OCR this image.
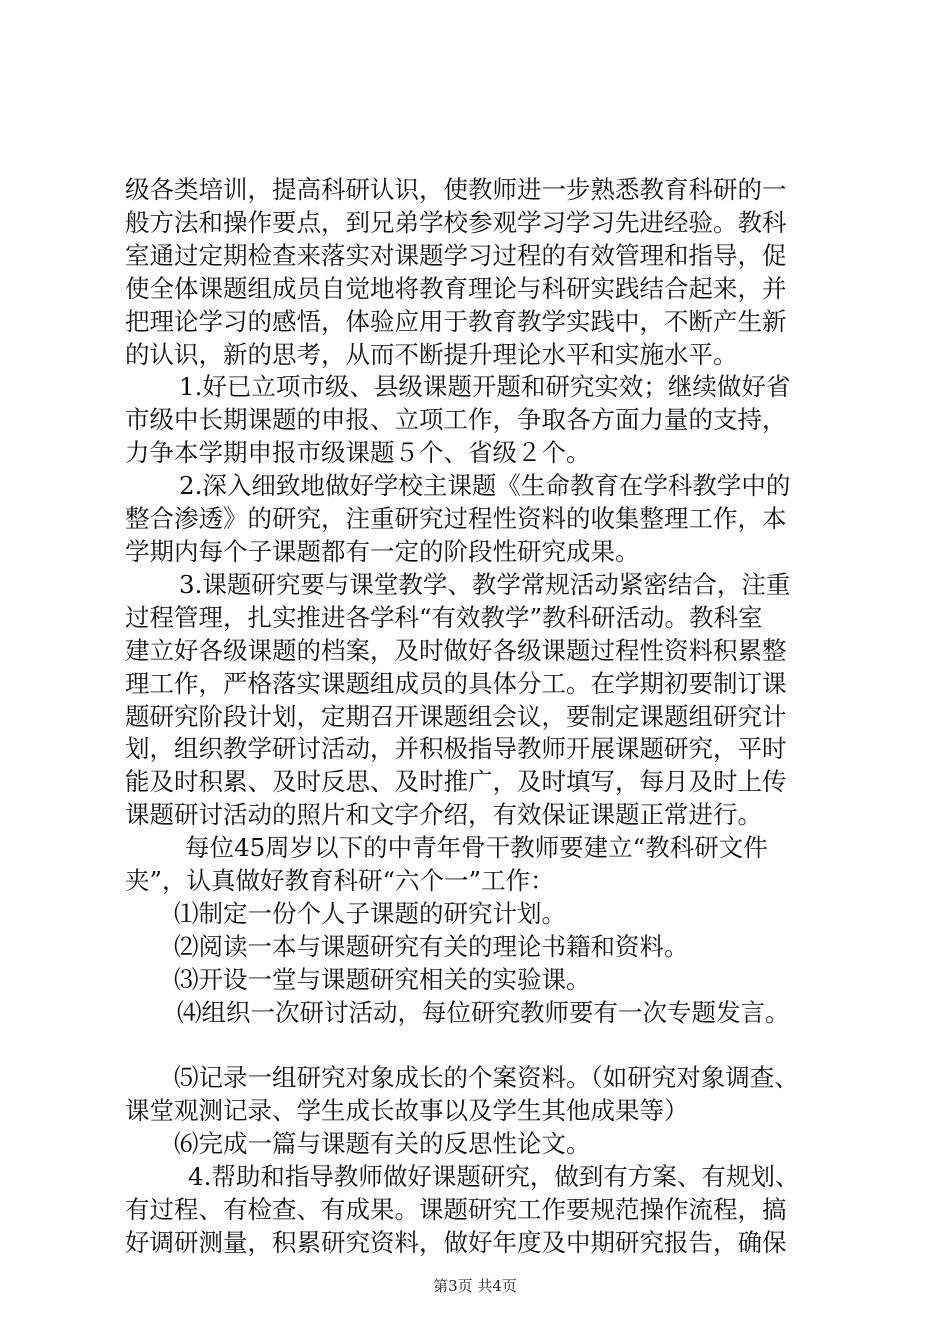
级各类培训，提高科研认识，使教师进一步熟悉教育科研的一
般方法和操作要点，到兄弟学校参观学习学习先进经验。教科
室通过定期检查来落实对课题学习过程的有效管理和指导，促
使全体课题组成员自觉地将教育理论与科研实践结合起来，并
把理论学习的感悟，体验应用于教育教学实践中，不断产生新
的认识，新的思考，从而不断提升理论水平和实施水平。
1.好已立项市级、县级课题开题和研究实效；继续做好省
市级中长期课题的申报、立项工作，争取各方面力量的支持，
力争本学期申报市级课题５个、省级２个。
2.深入细致地做好学校主课题《生命教育在学科教学中的
整合渗透》的研究，注重研究过程性资料的收集整理工作，本
学期内每个子课题都有一定的阶段性研究成果。
3.课题研究要与课堂教学、教学常规活动紧密结合，注重
过程管理，扎实推进各学科“有效教学”教科研活动。教科室
建立好各级课题的档案，及时做好各级课题过程性资料积累整
理工作，严格落实课题组成员的具体分工。在学期初要制订课
题研究阶段计划，定期召开课题组会议，要制定课题组研究计
划，组织教学研讨活动，并积极指导教师开展课题研究，平时
能及时积累、及时反思、及时推广，及时填写，每月及时上传
课题研讨活动的照片和文字介绍，有效保证课题正常进行。
每位45周岁以下的中青年骨干教师要建立“教科研文件
夹”，认真做好教育科研“六个一”工作：
⑴制定一份个人子课题的研究计划。
⑵阅读一本与课题研究有关的理论书籍和资料。
⑶开设一堂与课题研究相关的实验课。
⑷组织一次研讨活动，每位研究教师要有一次专题发言。
⑸记录一组研究对象成长的个案资料。（如研究对象调查、
课堂观测记录、学生成长故事以及学生其他成果等）
⑹完成一篇与课题有关的反思性论文。
4.帮助和指导教师做好课题研究，做到有方案、有规划、
有过程、有检查、有成果。课题研究工作要规范操作流程，搞
好调研测量，积累研究资料，做好年度及中期研究报告，确保
第3页 共4页
